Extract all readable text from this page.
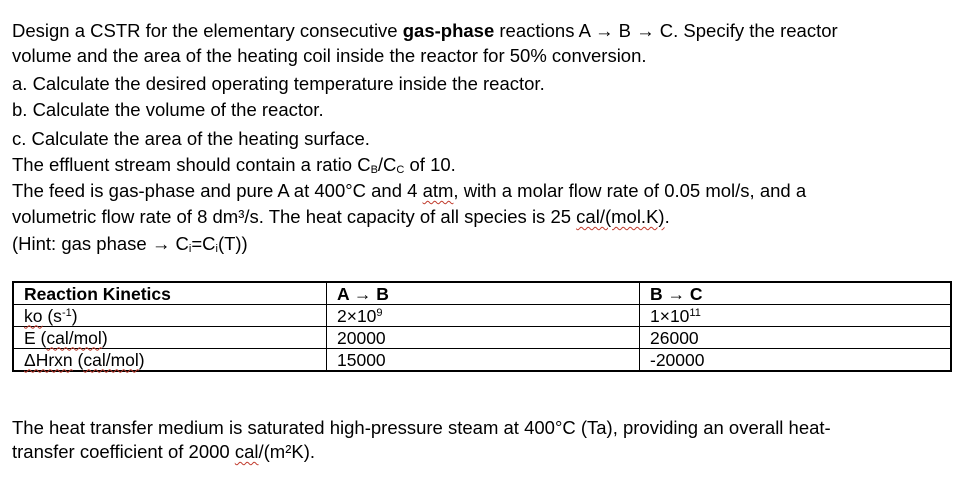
Design a CSTR for the elementary consecutive gas-phase reactions A → B → C. Specify the reactor
volume and the area of the heating coil inside the reactor for 50% conversion.
a. Calculate the desired operating temperature inside the reactor.
b. Calculate the volume of the reactor.
c. Calculate the area of the heating surface.
The effluent stream should contain a ratio $C_B/C_C$ of 10.
The feed is gas-phase and pure A at 400°C and 4 atm, with a molar flow rate of 0.05 mol/s, and a
volumetric flow rate of 8 dm³/s. The heat capacity of all species is 25 cal/(mol.K).
(Hint: gas phase → $C_i=C_i(T)$)
Reaction Kinetics	A → B	B → C
ko $(s^{-1})$	$2\times 10^9$	$1\times 10^{11}$
E (cal/mol)	20000	26000
ΔHrxn (cal/mol)	15000	-20000
The heat transfer medium is saturated high-pressure steam at 400°C (Ta), providing an overall heat-
transfer coefficient of 2000 cal/(m²K).
